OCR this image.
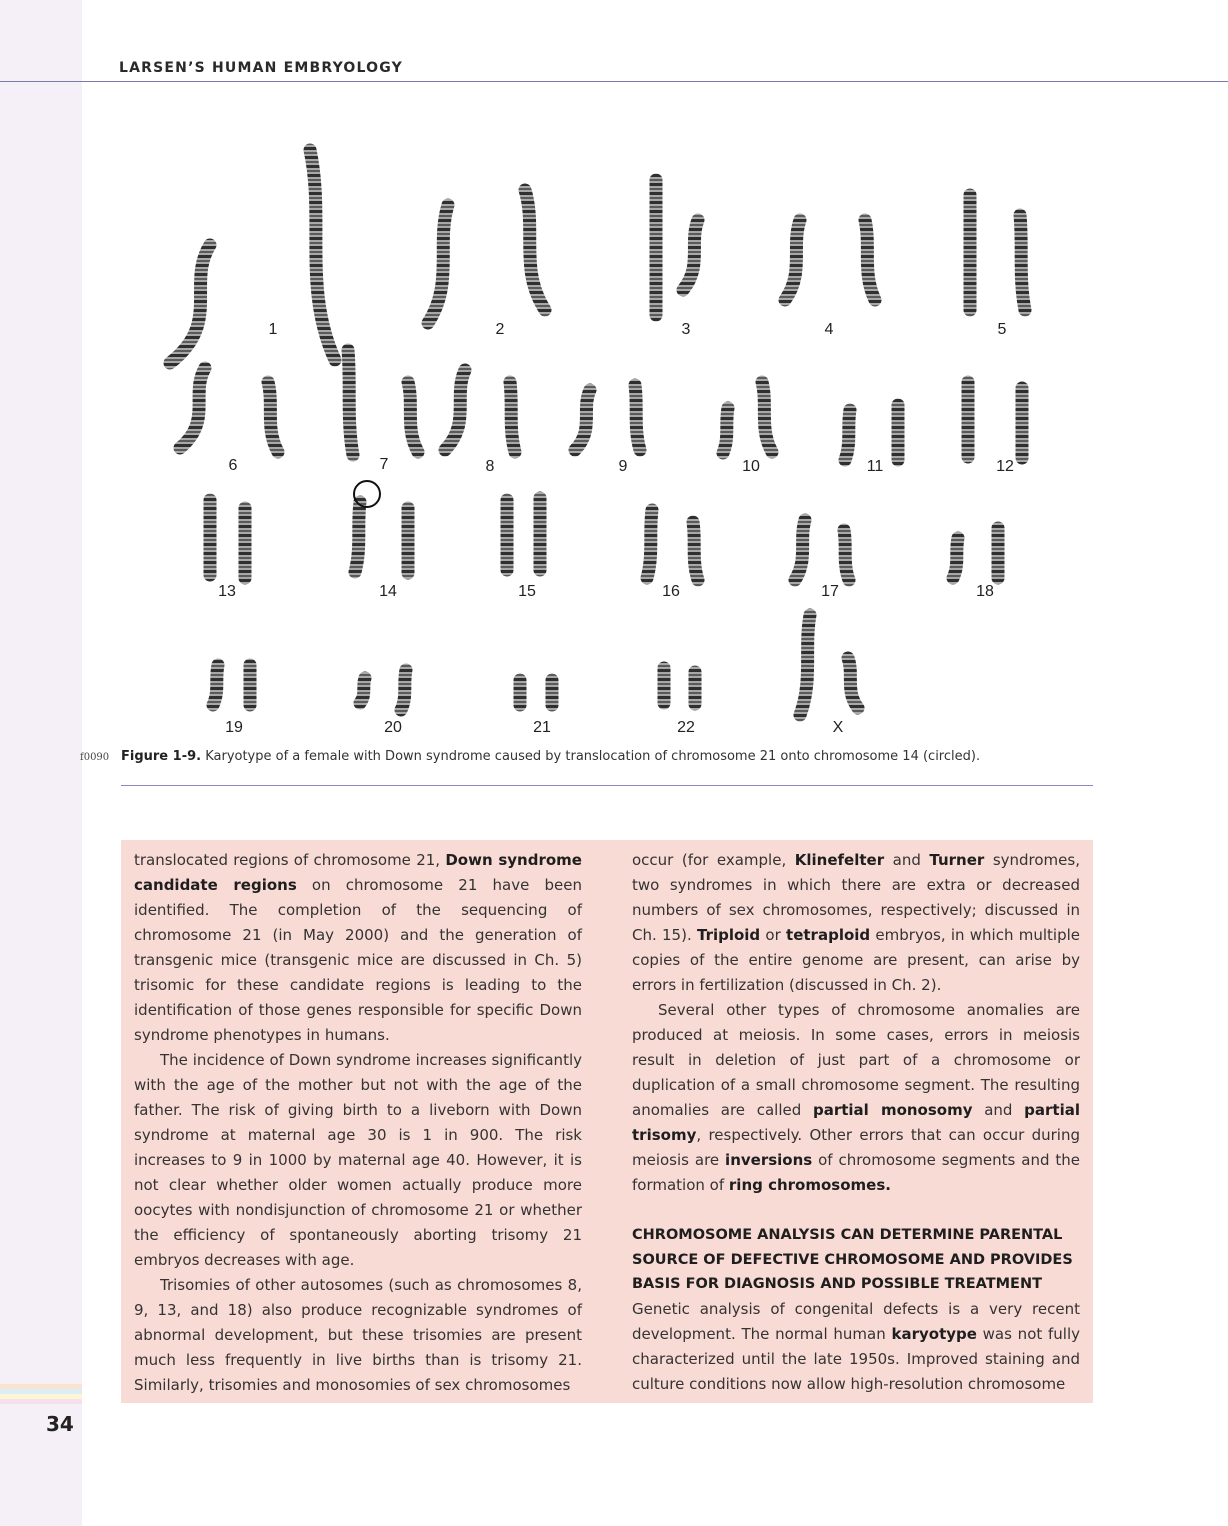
34
LARSEN’S HUMAN EMBRYOLOGY
1	2	3	4	5
6	7	8	9	10	11	12
13	14	15	16	17	18
19	20	21	22	X
f0090 Figure 1-9. Karyotype of a female with Down syndrome caused by translocation of chromosome 21 onto chromosome 14 (circled).

translocated regions of chromosome 21, Down syndrome candidate regions on chromosome 21 have been identified. The completion of the sequencing of chromosome 21 (in May 2000) and the generation of transgenic mice (transgenic mice are discussed in Ch. 5) trisomic for these candidate regions is leading to the identification of those genes responsible for specific Down syndrome phenotypes in humans.

The incidence of Down syndrome increases significantly with the age of the mother but not with the age of the father. The risk of giving birth to a liveborn with Down syndrome at maternal age 30 is 1 in 900. The risk increases to 9 in 1000 by maternal age 40. However, it is not clear whether older women actually produce more oocytes with nondisjunction of chromosome 21 or whether the efficiency of spontaneously aborting trisomy 21 embryos decreases with age.

Trisomies of other autosomes (such as chromosomes 8, 9, 13, and 18) also produce recognizable syndromes of abnormal development, but these trisomies are present much less frequently in live births than is trisomy 21. Similarly, trisomies and monosomies of sex chromosomes

occur (for example, Klinefelter and Turner syndromes, two syndromes in which there are extra or decreased numbers of sex chromosomes, respectively; discussed in Ch. 15). Triploid or tetraploid embryos, in which multiple copies of the entire genome are present, can arise by errors in fertilization (discussed in Ch. 2).

Several other types of chromosome anomalies are produced at meiosis. In some cases, errors in meiosis result in deletion of just part of a chromosome or duplication of a small chromosome segment. The resulting anomalies are called partial monosomy and partial trisomy, respectively. Other errors that can occur during meiosis are inversions of chromosome segments and the formation of ring chromosomes.

CHROMOSOME ANALYSIS CAN DETERMINE PARENTAL SOURCE OF DEFECTIVE CHROMOSOME AND PROVIDES BASIS FOR DIAGNOSIS AND POSSIBLE TREATMENT

Genetic analysis of congenital defects is a very recent development. The normal human karyotype was not fully characterized until the late 1950s. Improved staining and culture conditions now allow high-resolution chromosome
